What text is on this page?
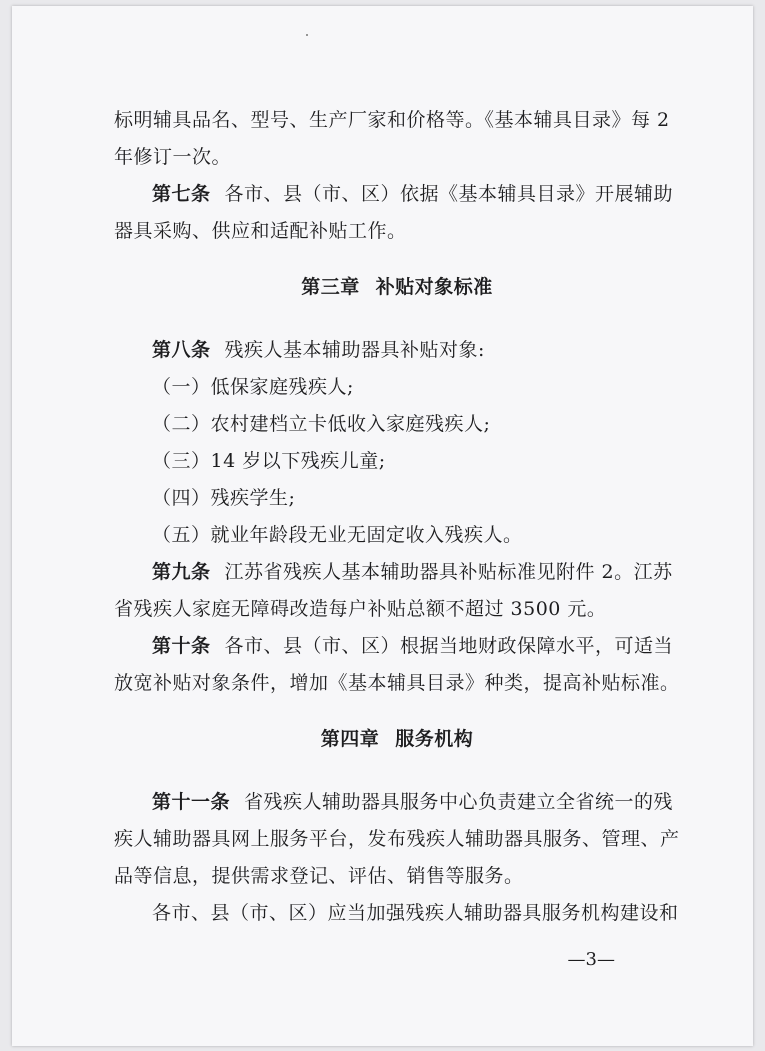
标明辅具品名、型号、生产厂家和价格等。《基本辅具目录》每 2

年修订一次。

第七条 各市、县（市、区）依据《基本辅具目录》开展辅助

器具采购、供应和适配补贴工作。

第三章 补贴对象标准

第八条 残疾人基本辅助器具补贴对象:

（一）低保家庭残疾人;

（二）农村建档立卡低收入家庭残疾人;

（三）14 岁以下残疾儿童;

（四）残疾学生;

（五）就业年龄段无业无固定收入残疾人。

第九条 江苏省残疾人基本辅助器具补贴标准见附件 2。江苏

省残疾人家庭无障碍改造每户补贴总额不超过 3500 元。

第十条 各市、县（市、区）根据当地财政保障水平，可适当

放宽补贴对象条件，增加《基本辅具目录》种类，提高补贴标准。

第四章 服务机构

第十一条 省残疾人辅助器具服务中心负责建立全省统一的残

疾人辅助器具网上服务平台，发布残疾人辅助器具服务、管理、产

品等信息，提供需求登记、评估、销售等服务。

各市、县（市、区）应当加强残疾人辅助器具服务机构建设和

—3—
